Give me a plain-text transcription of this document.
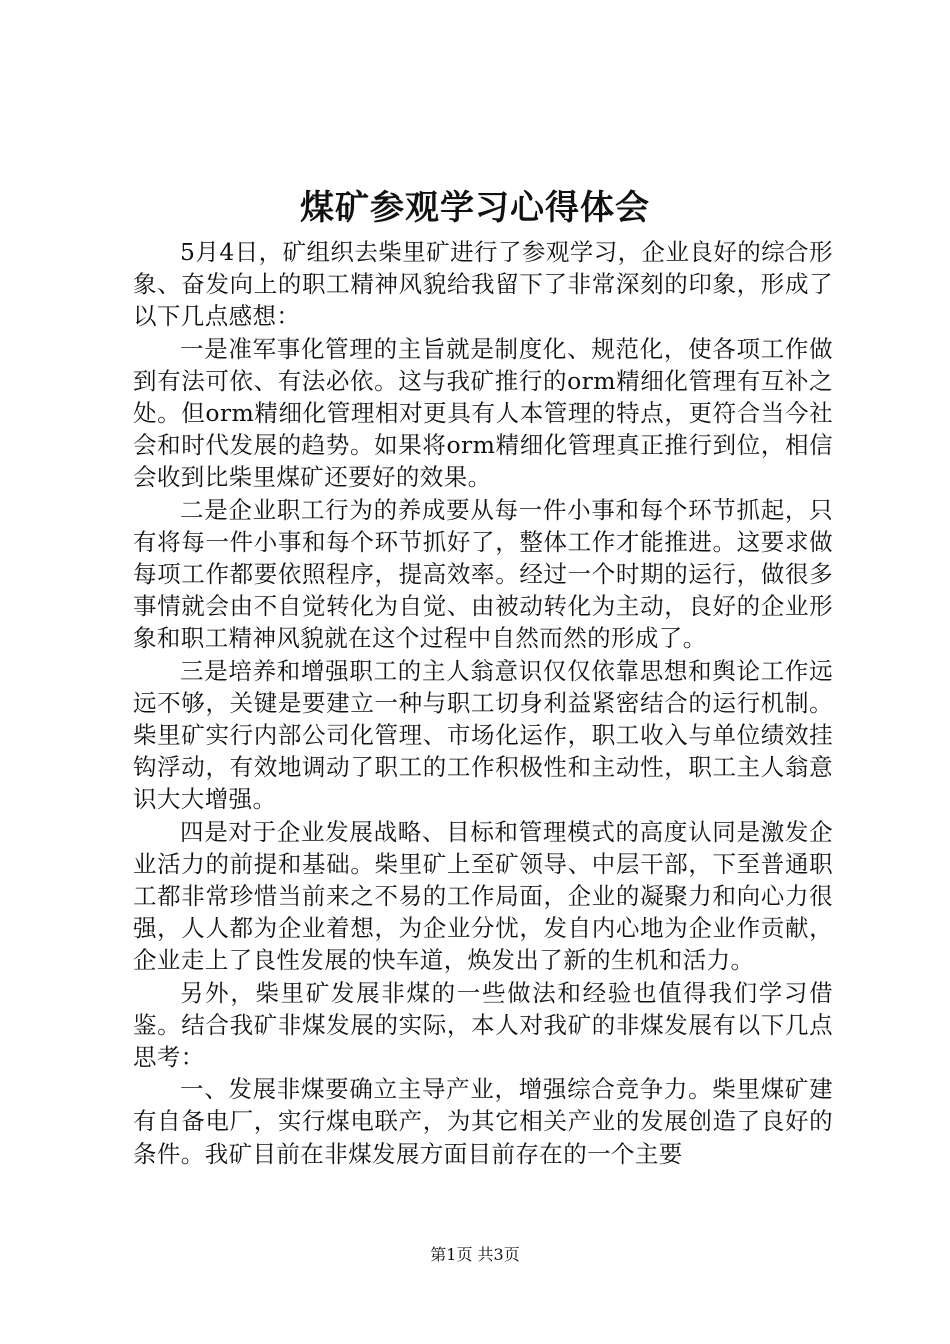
煤矿参观学习心得体会

5月4日，矿组织去柴里矿进行了参观学习，企业良好的综合形象、奋发向上的职工精神风貌给我留下了非常深刻的印象，形成了以下几点感想：

一是准军事化管理的主旨就是制度化、规范化，使各项工作做到有法可依、有法必依。这与我矿推行的orm精细化管理有互补之处。但orm精细化管理相对更具有人本管理的特点，更符合当今社会和时代发展的趋势。如果将orm精细化管理真正推行到位，相信会收到比柴里煤矿还要好的效果。

二是企业职工行为的养成要从每一件小事和每个环节抓起，只有将每一件小事和每个环节抓好了，整体工作才能推进。这要求做每项工作都要依照程序，提高效率。经过一个时期的运行，做很多事情就会由不自觉转化为自觉、由被动转化为主动，良好的企业形象和职工精神风貌就在这个过程中自然而然的形成了。

三是培养和增强职工的主人翁意识仅仅依靠思想和舆论工作远远不够，关键是要建立一种与职工切身利益紧密结合的运行机制。柴里矿实行内部公司化管理、市场化运作，职工收入与单位绩效挂钩浮动，有效地调动了职工的工作积极性和主动性，职工主人翁意识大大增强。

四是对于企业发展战略、目标和管理模式的高度认同是激发企业活力的前提和基础。柴里矿上至矿领导、中层干部，下至普通职工都非常珍惜当前来之不易的工作局面，企业的凝聚力和向心力很强，人人都为企业着想，为企业分忧，发自内心地为企业作贡献，企业走上了良性发展的快车道，焕发出了新的生机和活力。

另外，柴里矿发展非煤的一些做法和经验也值得我们学习借鉴。结合我矿非煤发展的实际，本人对我矿的非煤发展有以下几点思考：

一、发展非煤要确立主导产业，增强综合竞争力。柴里煤矿建有自备电厂，实行煤电联产，为其它相关产业的发展创造了良好的条件。我矿目前在非煤发展方面目前存在的一个主要

第1页 共3页
